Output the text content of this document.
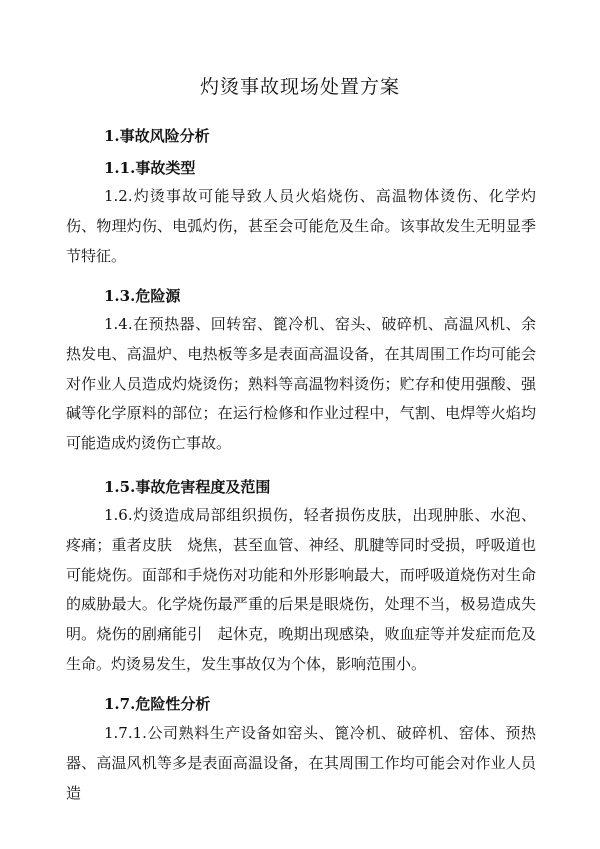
灼烫事故现场处置方案
1.事故风险分析
1.1.事故类型
1.2.灼烫事故可能导致人员火焰烧伤、高温物体烫伤、化学灼伤、物理灼伤、电弧灼伤，甚至会可能危及生命。该事故发生无明显季节特征。
1.3.危险源
1.4.在预热器、回转窑、篦冷机、窑头、破碎机、高温风机、余热发电、高温炉、电热板等多是表面高温设备，在其周围工作均可能会对作业人员造成灼烧烫伤；熟料等高温物料烫伤；贮存和使用强酸、强碱等化学原料的部位；在运行检修和作业过程中，气割、电焊等火焰均可能造成灼烫伤亡事故。
1.5.事故危害程度及范围
1.6.灼烫造成局部组织损伤，轻者损伤皮肤，出现肿胀、水泡、疼痛；重者皮肤　烧焦，甚至血管、神经、肌腱等同时受损，呼吸道也可能烧伤。面部和手烧伤对功能和外形影响最大，而呼吸道烧伤对生命的威胁最大。化学烧伤最严重的后果是眼烧伤，处理不当，极易造成失明。烧伤的剧痛能引　起休克，晚期出现感染，败血症等并发症而危及生命。灼烫易发生，发生事故仅为个体，影响范围小。
1.7.危险性分析
1.7.1.公司熟料生产设备如窑头、篦冷机、破碎机、窑体、预热器、高温风机等多是表面高温设备，在其周围工作均可能会对作业人员造
